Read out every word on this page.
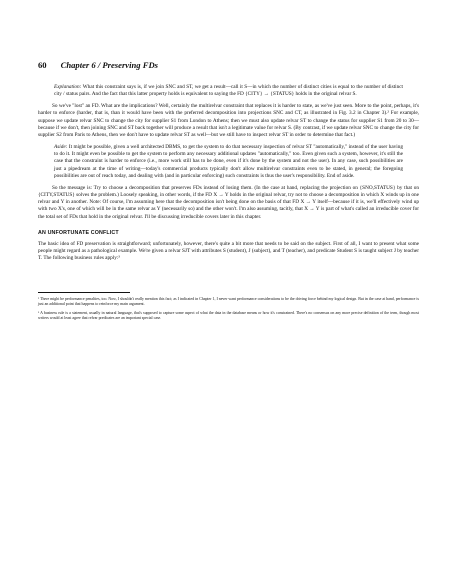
60 Chapter 6 / Preserving FDs

Explanation: What this constraint says is, if we join SNC and ST, we get a result—call it S—in which the number of distinct cities is equal to the number of distinct city / status pairs. And the fact that this latter property holds is equivalent to saying the FD {CITY} → {STATUS} holds in the original relvar S.

So we've "lost" an FD. What are the implications? Well, certainly the multirelvar constraint that replaces it is harder to state, as we've just seen. More to the point, perhaps, it's harder to enforce (harder, that is, than it would have been with the preferred decomposition into projections SNC and CT, as illustrated in Fig. 3.2 in Chapter 3).² For example, suppose we update relvar SNC to change the city for supplier S1 from London to Athens; then we must also update relvar ST to change the status for supplier S1 from 20 to 30—because if we don't, then joining SNC and ST back together will produce a result that isn't a legitimate value for relvar S. (By contrast, if we update relvar SNC to change the city for supplier S2 from Paris to Athens, then we don't have to update relvar ST as well—but we still have to inspect relvar ST in order to determine that fact.)

Aside: It might be possible, given a well architected DBMS, to get the system to do that necessary inspection of relvar ST "automatically," instead of the user having to do it. It might even be possible to get the system to perform any necessary additional updates "automatically," too. Even given such a system, however, it's still the case that the constraint is harder to enforce (i.e., more work still has to be done, even if it's done by the system and not the user). In any case, such possibilities are just a pipedream at the time of writing—today's commercial products typically don't allow multirelvar constraints even to be stated, in general; the foregoing possibilities are out of reach today, and dealing with (and in particular enforcing) such constraints is thus the user's responsibility. End of aside.

So the message is: Try to choose a decomposition that preserves FDs instead of losing them. (In the case at hand, replacing the projection on {SNO,STATUS} by that on {CITY,STATUS} solves the problem.) Loosely speaking, in other words, if the FD X → Y holds in the original relvar, try not to choose a decomposition in which X winds up in one relvar and Y in another. Note: Of course, I'm assuming here that the decomposition isn't being done on the basis of that FD X → Y itself—because if it is, we'll effectively wind up with two X's, one of which will be in the same relvar as Y (necessarily so) and the other won't. I'm also assuming, tacitly, that X → Y is part of what's called an irreducible cover for the total set of FDs that hold in the original relvar. I'll be discussing irreducible covers later in this chapter.

AN UNFORTUNATE CONFLICT

The basic idea of FD preservation is straightforward; unfortunately, however, there's quite a bit more that needs to be said on the subject. First of all, I want to present what some people might regard as a pathological example. We're given a relvar SJT with attributes S (student), J (subject), and T (teacher), and predicate Student S is taught subject J by teacher T. The following business rules apply:³

² There might be performance penalties, too. Now, I shouldn't really mention this fact; as I indicated in Chapter 1, I never want performance considerations to be the driving force behind my logical design. But in the case at hand, performance is just an additional point that happens to reinforce my main argument.

³ A business rule is a statement, usually in natural language, that's supposed to capture some aspect of what the data in the database means or how it's constrained. There's no consensus on any more precise definition of the term, though most writers would at least agree that relvar predicates are an important special case.
